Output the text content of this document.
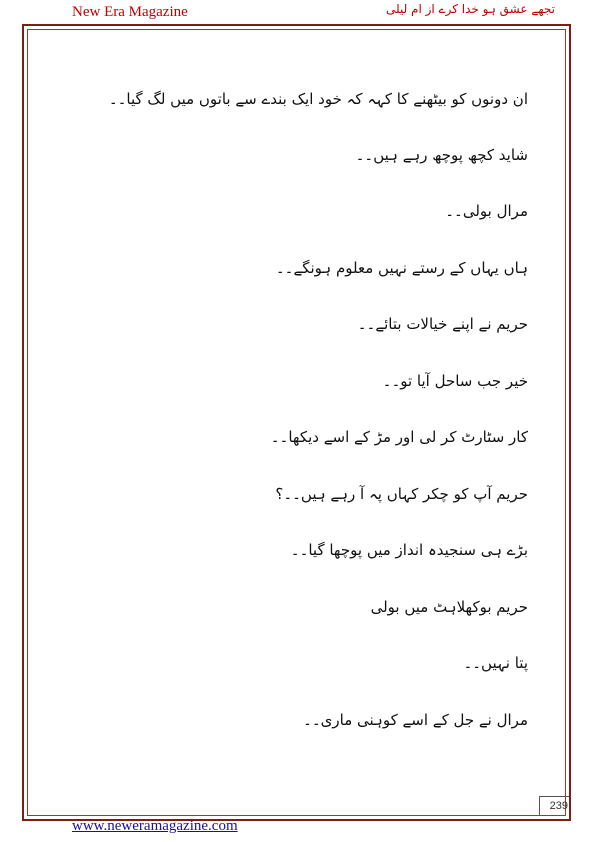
New Era Magazine	تجھے عشق ہو خدا کرے از ام لیلی
ان دونوں کو بیٹھنے کا کہہ کہ خود ایک بندے سے باتوں میں لگ گیا۔۔
شاید کچھ پوچھ رہے ہیں۔۔
مرال بولی۔۔
ہاں یہاں کے رستے نہیں معلوم ہونگے۔۔
حریم نے اپنے خیالات بتائے۔۔
خیر جب ساحل آیا تو۔۔
کار سٹارٹ کر لی اور مڑ کے اسے دیکھا۔۔
حریم آپ کو چکر کہاں پہ آ رہے ہیں۔۔؟
بڑے ہی سنجیدہ انداز میں پوچھا گیا۔۔
حریم بوکھلاہٹ میں بولی
پتا نہیں۔۔
مرال نے جل کے اسے کوہنی ماری۔۔
239
www.neweramagazine.com
